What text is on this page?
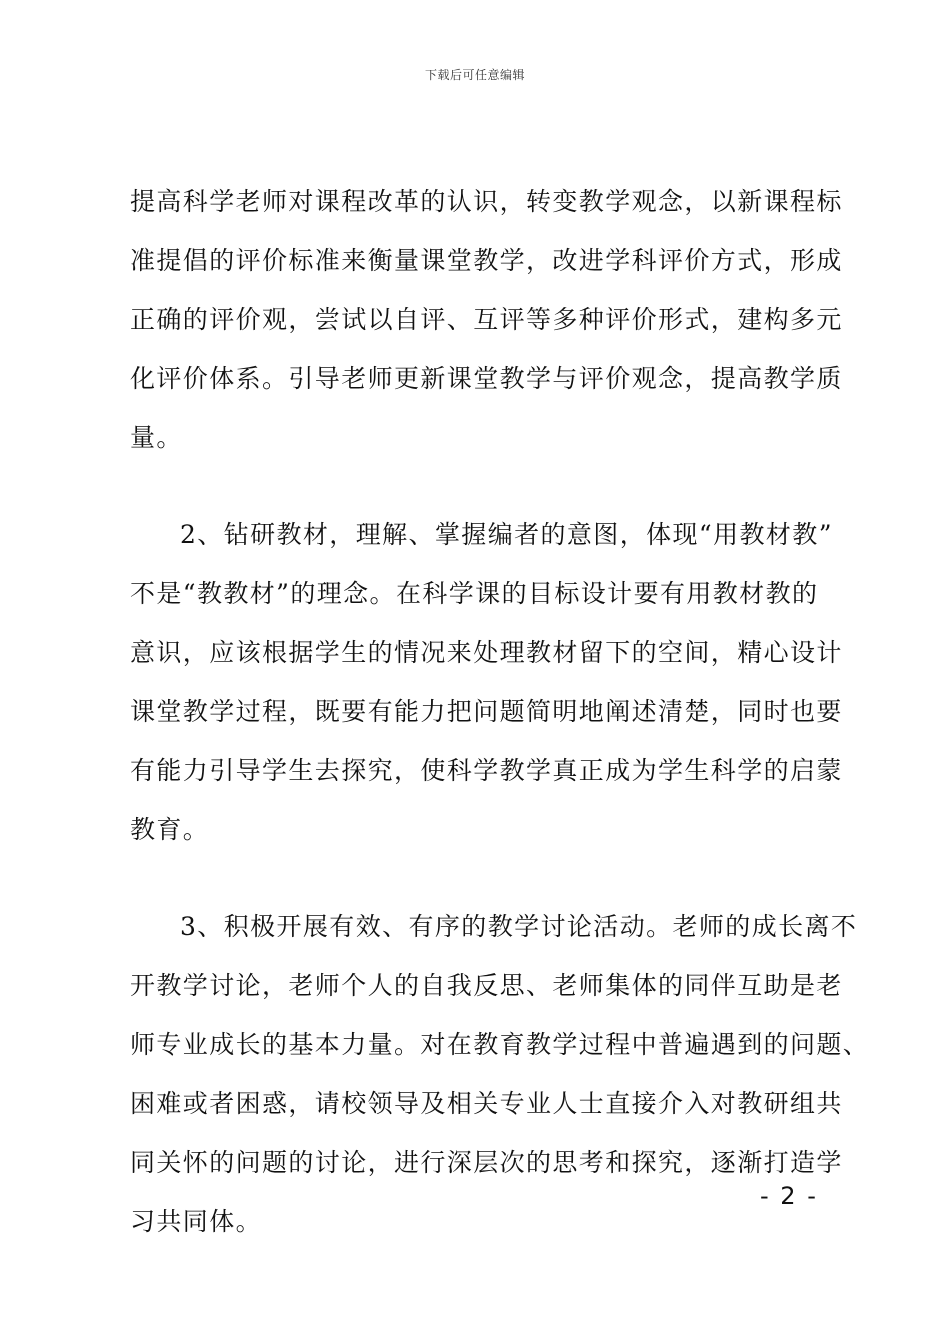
下载后可任意编辑
提高科学老师对课程改革的认识，转变教学观念，以新课程标
准提倡的评价标准来衡量课堂教学，改进学科评价方式，形成
正确的评价观，尝试以自评、互评等多种评价形式，建构多元
化评价体系。引导老师更新课堂教学与评价观念，提高教学质
量。
2、钻研教材，理解、掌握编者的意图，体现“用教材教”
不是“教教材”的理念。在科学课的目标设计要有用教材教的
意识，应该根据学生的情况来处理教材留下的空间，精心设计
课堂教学过程，既要有能力把问题简明地阐述清楚，同时也要
有能力引导学生去探究，使科学教学真正成为学生科学的启蒙
教育。
3、积极开展有效、有序的教学讨论活动。老师的成长离不
开教学讨论，老师个人的自我反思、老师集体的同伴互助是老
师专业成长的基本力量。对在教育教学过程中普遍遇到的问题、
困难或者困惑，请校领导及相关专业人士直接介入对教研组共
同关怀的问题的讨论，进行深层次的思考和探究，逐渐打造学
习共同体。
- 2 -
